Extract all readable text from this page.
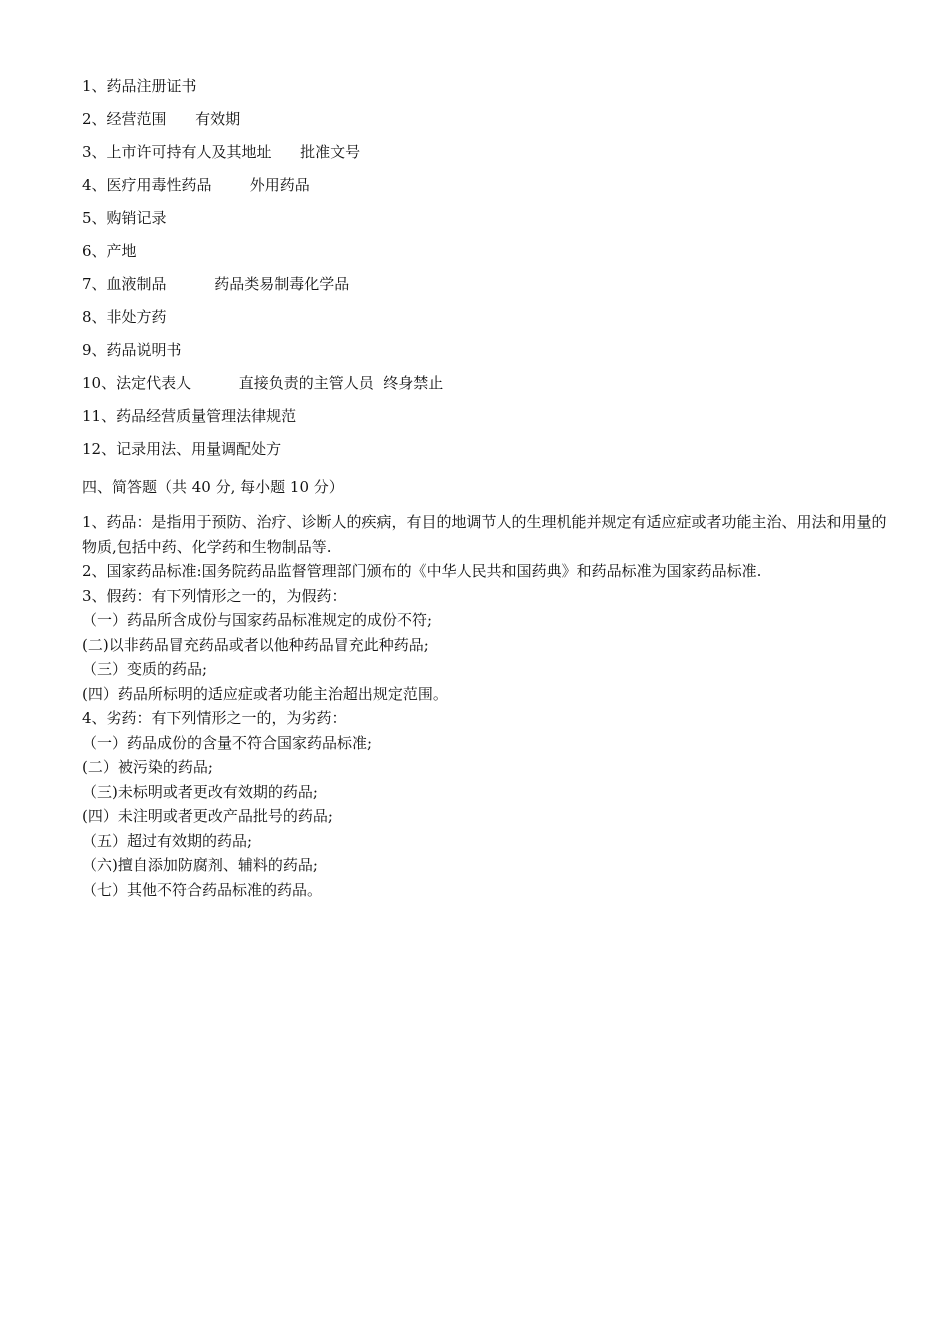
1、药品注册证书
2、经营范围      有效期
3、上市许可持有人及其地址      批准文号
4、医疗用毒性药品        外用药品
5、购销记录
6、产地
7、血液制品          药品类易制毒化学品
8、非处方药
9、药品说明书
10、法定代表人          直接负责的主管人员  终身禁止
11、药品经营质量管理法律规范
12、记录用法、用量调配处方
四、简答题（共 40 分, 每小题 10 分）

1、药品：是指用于预防、治疗、诊断人的疾病，有目的地调节人的生理机能并规定有适应症或者功能主治、用法和用量的物质,包括中药、化学药和生物制品等.

2、国家药品标准:国务院药品监督管理部门颁布的《中华人民共和国药典》和药品标准为国家药品标准.

3、假药：有下列情形之一的，为假药：

（一）药品所含成份与国家药品标准规定的成份不符;

(二)以非药品冒充药品或者以他种药品冒充此种药品;

（三）变质的药品;

(四）药品所标明的适应症或者功能主治超出规定范围。

4、劣药：有下列情形之一的，为劣药：

（一）药品成份的含量不符合国家药品标准;

(二）被污染的药品;

（三)未标明或者更改有效期的药品;

(四）未注明或者更改产品批号的药品;

（五）超过有效期的药品;

（六)擅自添加防腐剂、辅料的药品;

（七）其他不符合药品标准的药品。
